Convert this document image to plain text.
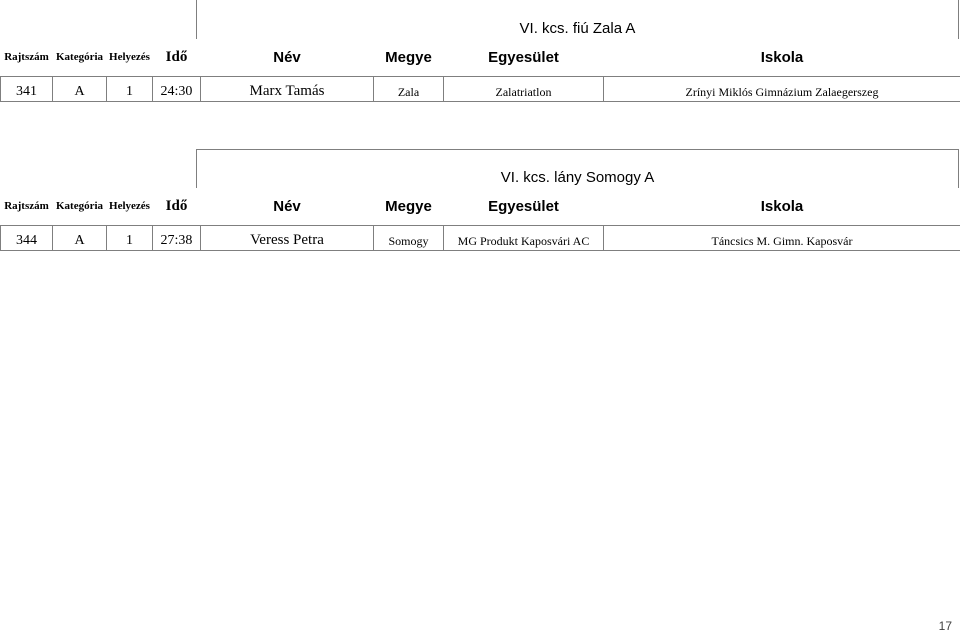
VI. kcs. fiú Zala A
Rajtszám	Kategória	Helyezés	Idő	Név	Megye	Egyesület	Iskola
341	A	1	24:30	Marx Tamás	Zala	Zalatriatlon	Zrínyi Miklós Gimnázium Zalaegerszeg
VI. kcs. lány Somogy A
Rajtszám	Kategória	Helyezés	Idő	Név	Megye	Egyesület	Iskola
344	A	1	27:38	Veress Petra	Somogy	MG Produkt Kaposvári AC	Táncsics M. Gimn. Kaposvár
17
